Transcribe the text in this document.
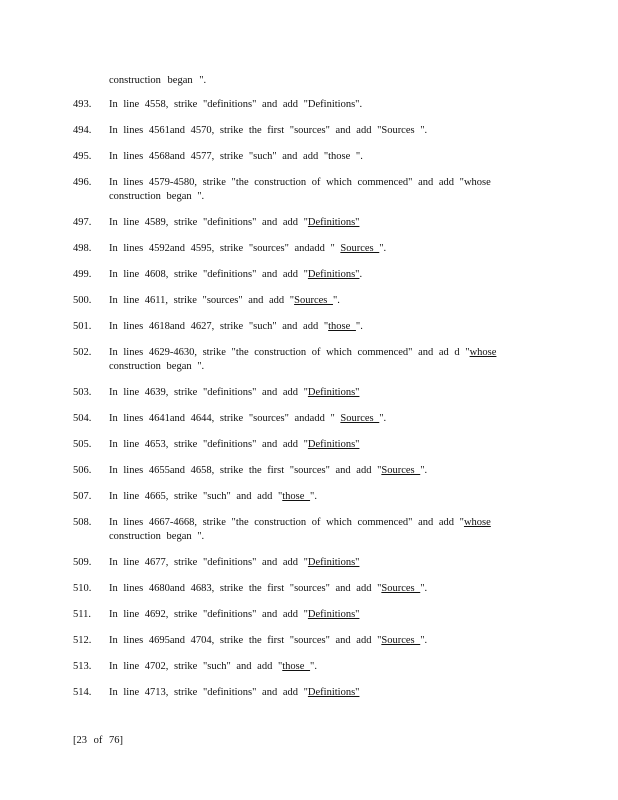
construction began ".
493.	In line 4558, strike "definitions" and add "Definitions".
494.	In lines 4561and 4570, strike the first "sources" and add "Sources ".
495.	In lines 4568and 4577, strike "such" and add "those ".
496.	In lines 4579-4580, strike "the construction of which commenced" and add "whose
construction began ".
497.	In line 4589, strike "definitions" and add "Definitions"
498.	In lines 4592and 4595, strike "sources" andadd " Sources ".
499.	In line 4608, strike "definitions" and add "Definitions".
500.	In line 4611, strike "sources" and add "Sources ".
501.	In lines 4618and 4627, strike "such" and add "those ".
502.	In lines 4629-4630, strike "the construction of which commenced" and ad d "whose
construction began ".
503.	In line 4639, strike "definitions" and add "Definitions"
504.	In lines 4641and 4644, strike "sources" andadd " Sources ".
505.	In line 4653, strike "definitions" and add "Definitions"
506.	In lines 4655and 4658, strike the first "sources" and add "Sources ".
507.	In line 4665, strike "such" and add "those ".
508.	In lines 4667-4668, strike "the construction of which commenced" and add "whose
construction began ".
509.	In line 4677, strike "definitions" and add "Definitions"
510.	In lines 4680and 4683, strike the first "sources" and add "Sources ".
511.	In line 4692, strike "definitions" and add "Definitions"
512.	In lines 4695and 4704, strike the first "sources" and add "Sources ".
513.	In line 4702, strike "such" and add "those ".
514.	In line 4713, strike "definitions" and add "Definitions"
[23 of 76]
